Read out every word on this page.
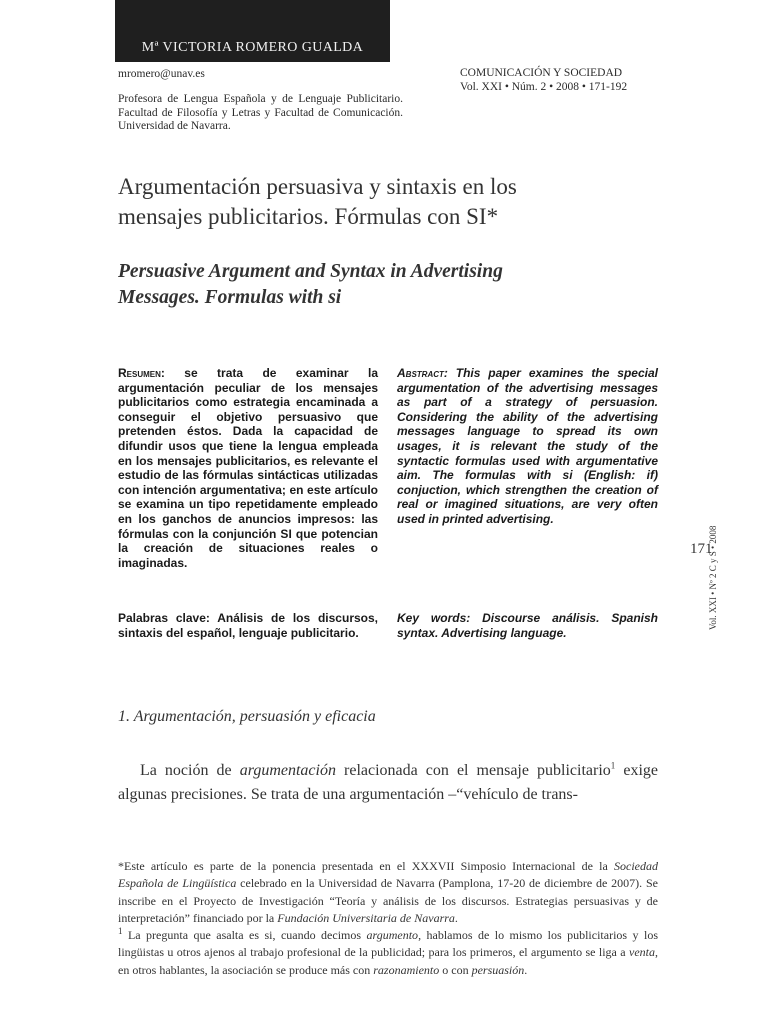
Mª VICTORIA ROMERO GUALDA
mromero@unav.es
Profesora de Lengua Española y de Lenguaje Publicitario. Facultad de Filosofía y Letras y Facultad de Comunicación. Universidad de Navarra.
COMUNICACIÓN Y SOCIEDAD
Vol. XXI • Núm. 2 • 2008 • 171-192
Argumentación persuasiva y sintaxis en los mensajes publicitarios. Fórmulas con SI*
Persuasive Argument and Syntax in Advertising Messages. Formulas with si
Resumen: se trata de examinar la argumentación peculiar de los mensajes publicitarios como estrategia encaminada a conseguir el objetivo persuasivo que pretenden éstos. Dada la capacidad de difundir usos que tiene la lengua empleada en los mensajes publicitarios, es relevante el estudio de las fórmulas sintácticas utilizadas con intención argumentativa; en este artículo se examina un tipo repetidamente empleado en los ganchos de anuncios impresos: las fórmulas con la conjunción SI que potencian la creación de situaciones reales o imaginadas.
Abstract: This paper examines the special argumentation of the advertising messages as part of a strategy of persuasion. Considering the ability of the advertising messages language to spread its own usages, it is relevant the study of the syntactic formulas used with argumentative aim. The formulas with si (English: if) conjuction, which strengthen the creation of real or imagined situations, are very often used in printed advertising.
Palabras clave: Análisis de los discursos, sintaxis del español, lenguaje publicitario.
Key words: Discourse análisis. Spanish syntax. Advertising language.
Vol. XXI • Nº 2 C y S • 2008
171
1. Argumentación, persuasión y eficacia
La noción de argumentación relacionada con el mensaje publicitario$^1$ exige algunas precisiones. Se trata de una argumentación –“vehículo de trans-

*Este artículo es parte de la ponencia presentada en el XXXVII Simposio Internacional de la Sociedad Española de Lingüística celebrado en la Universidad de Navarra (Pamplona, 17-20 de diciembre de 2007). Se inscribe en el Proyecto de Investigación “Teoría y análisis de los discursos. Estrategias persuasivas y de interpretación” financiado por la Fundación Universitaria de Navarra.

$^1$ La pregunta que asalta es si, cuando decimos argumento, hablamos de lo mismo los publicitarios y los lingüistas u otros ajenos al trabajo profesional de la publicidad; para los primeros, el argumento se liga a venta, en otros hablantes, la asociación se produce más con razonamiento o con persuasión.
